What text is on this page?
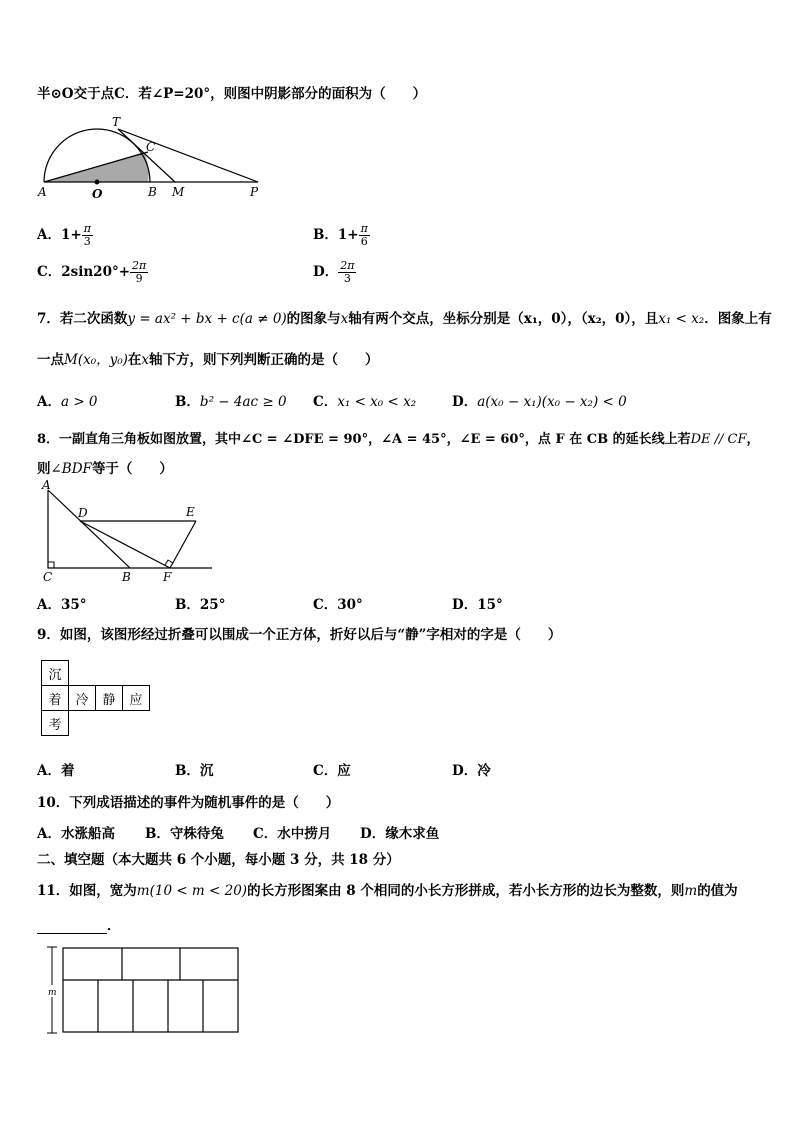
半⊙O交于点C．若∠P=20°，则图中阴影部分的面积为（　　）
T
C
A	O	B M	P
A．$1+ \frac{\pi}{3}$	B．$1+ \frac{\pi}{6}$
C．$2\sin 20^\circ+ \frac{2\pi}{9}$	D． $\frac{2\pi}{3}$
7．若二次函数y = ax² + bx + c(a ≠ 0)的图象与x轴有两个交点，坐标分别是（x₁，0），（x₂，0），且x₁ < x₂．图象上有
一点M(x₀，y₀)在x轴下方，则下列判断正确的是（　　）
A．a > 0	B．b² − 4ac ≥ 0 C．x₁ < x₀ < x₂	D．a(x₀ − x₁)(x₀ − x₂) < 0
8．一副直角三角板如图放置，其中∠C = ∠DFE = 90°，∠A = 45°，∠E = 60°，点 F 在 CB 的延长线上若DE // CF，
则∠BDF等于（　　）
A
D	E
C	B	F
A．35°	B．25°	C．30°	D．15°
9．如图，该图形经过折叠可以围成一个正方体，折好以后与“静”字相对的字是（　　）
沉			
着	冷	静	应
考			
A．着	B．沉	C．应	D．冷
10．下列成语描述的事件为随机事件的是（　　）
A．水涨船高 B．守株待兔 C．水中捞月 D．缘木求鱼
二、填空题（本大题共 6 个小题，每小题 3 分，共 18 分）
11．如图，宽为m(10 < m < 20)的长方形图案由 8 个相同的小长方形拼成，若小长方形的边长为整数，则m的值为
．
m
